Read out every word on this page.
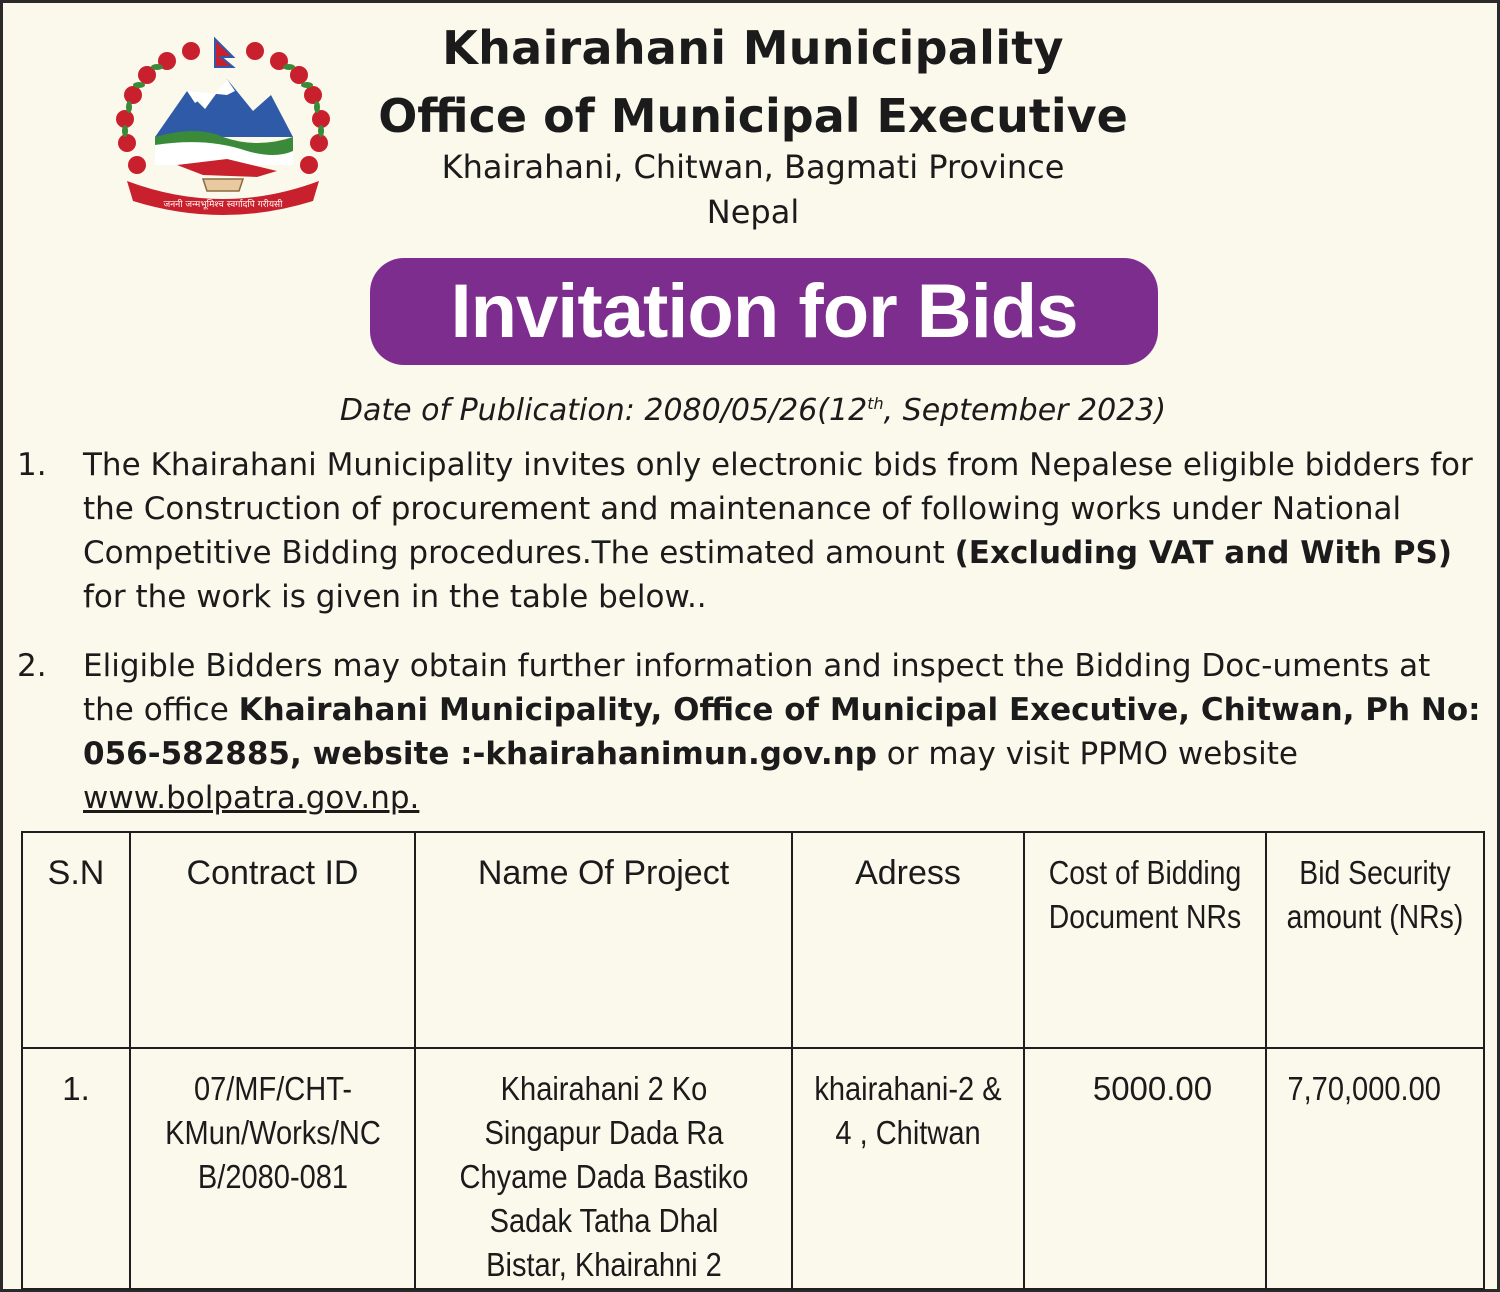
जननी जन्मभूमिश्च स्वर्गादपि गरीयसी
Khairahani Municipality
Office of Municipal Executive
Khairahani, Chitwan, Bagmati Province
Nepal
Invitation for Bids
Date of Publication: 2080/05/26(12th, September 2023)
1.	The Khairahani Municipality invites only electronic bids from Nepalese eligible bidders for the Construction of procurement and maintenance of following works under National Competitive Bidding procedures.The estimated amount (Excluding VAT and With PS) for the work is given in the table below..
2.	Eligible Bidders may obtain further information and inspect the Bidding Doc-uments at the office Khairahani Municipality, Office of Municipal Executive, Chitwan, Ph No: 056-582885, website :-khairahanimun.gov.np or may visit PPMO website www.bolpatra.gov.np.
S.N	Contract ID	Name Of Project	Adress	Cost of Bidding Document NRs	Bid Security amount (NRs)
1.	07/MF/CHT-KMun/Works/NCB/2080-081	Khairahani 2 Ko Singapur Dada Ra Chyame Dada Bastiko Sadak Tatha Dhal Bistar, Khairahni 2	khairahani-2 & 4 , Chitwan	5000.00	7,70,000.00
